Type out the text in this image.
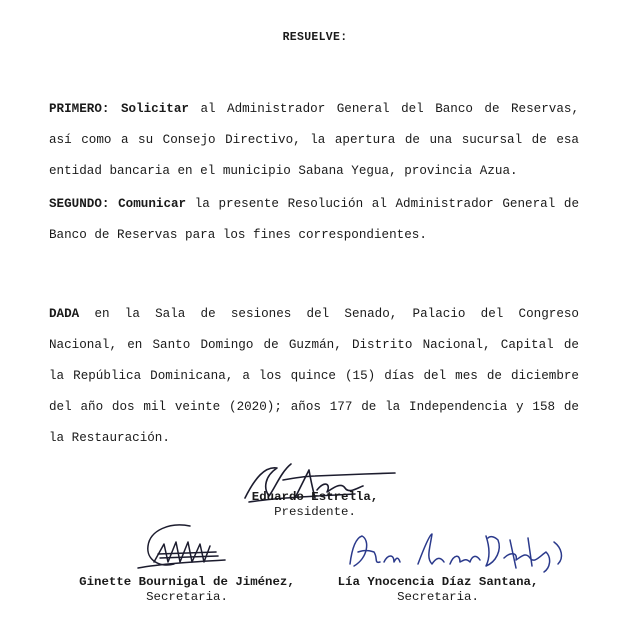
RESUELVE:
PRIMERO: Solicitar al Administrador General del Banco de Reservas,
así como a su Consejo Directivo, la apertura de una sucursal de esa
entidad bancaria en el municipio Sabana Yegua, provincia Azua.
SEGUNDO: Comunicar la presente Resolución al Administrador General de
Banco de Reservas para los fines correspondientes.
DADA en la Sala de sesiones del Senado, Palacio del Congreso
Nacional, en Santo Domingo de Guzmán, Distrito Nacional, Capital de
la República Dominicana, a los quince (15) días del mes de diciembre
del año dos mil veinte (2020); años 177 de la Independencia y 158 de
la Restauración.
Eduardo Estrella,
Presidente.
Ginette Bournigal de Jiménez,
Secretaria.
Lía Ynocencia Díaz Santana,
Secretaria.
